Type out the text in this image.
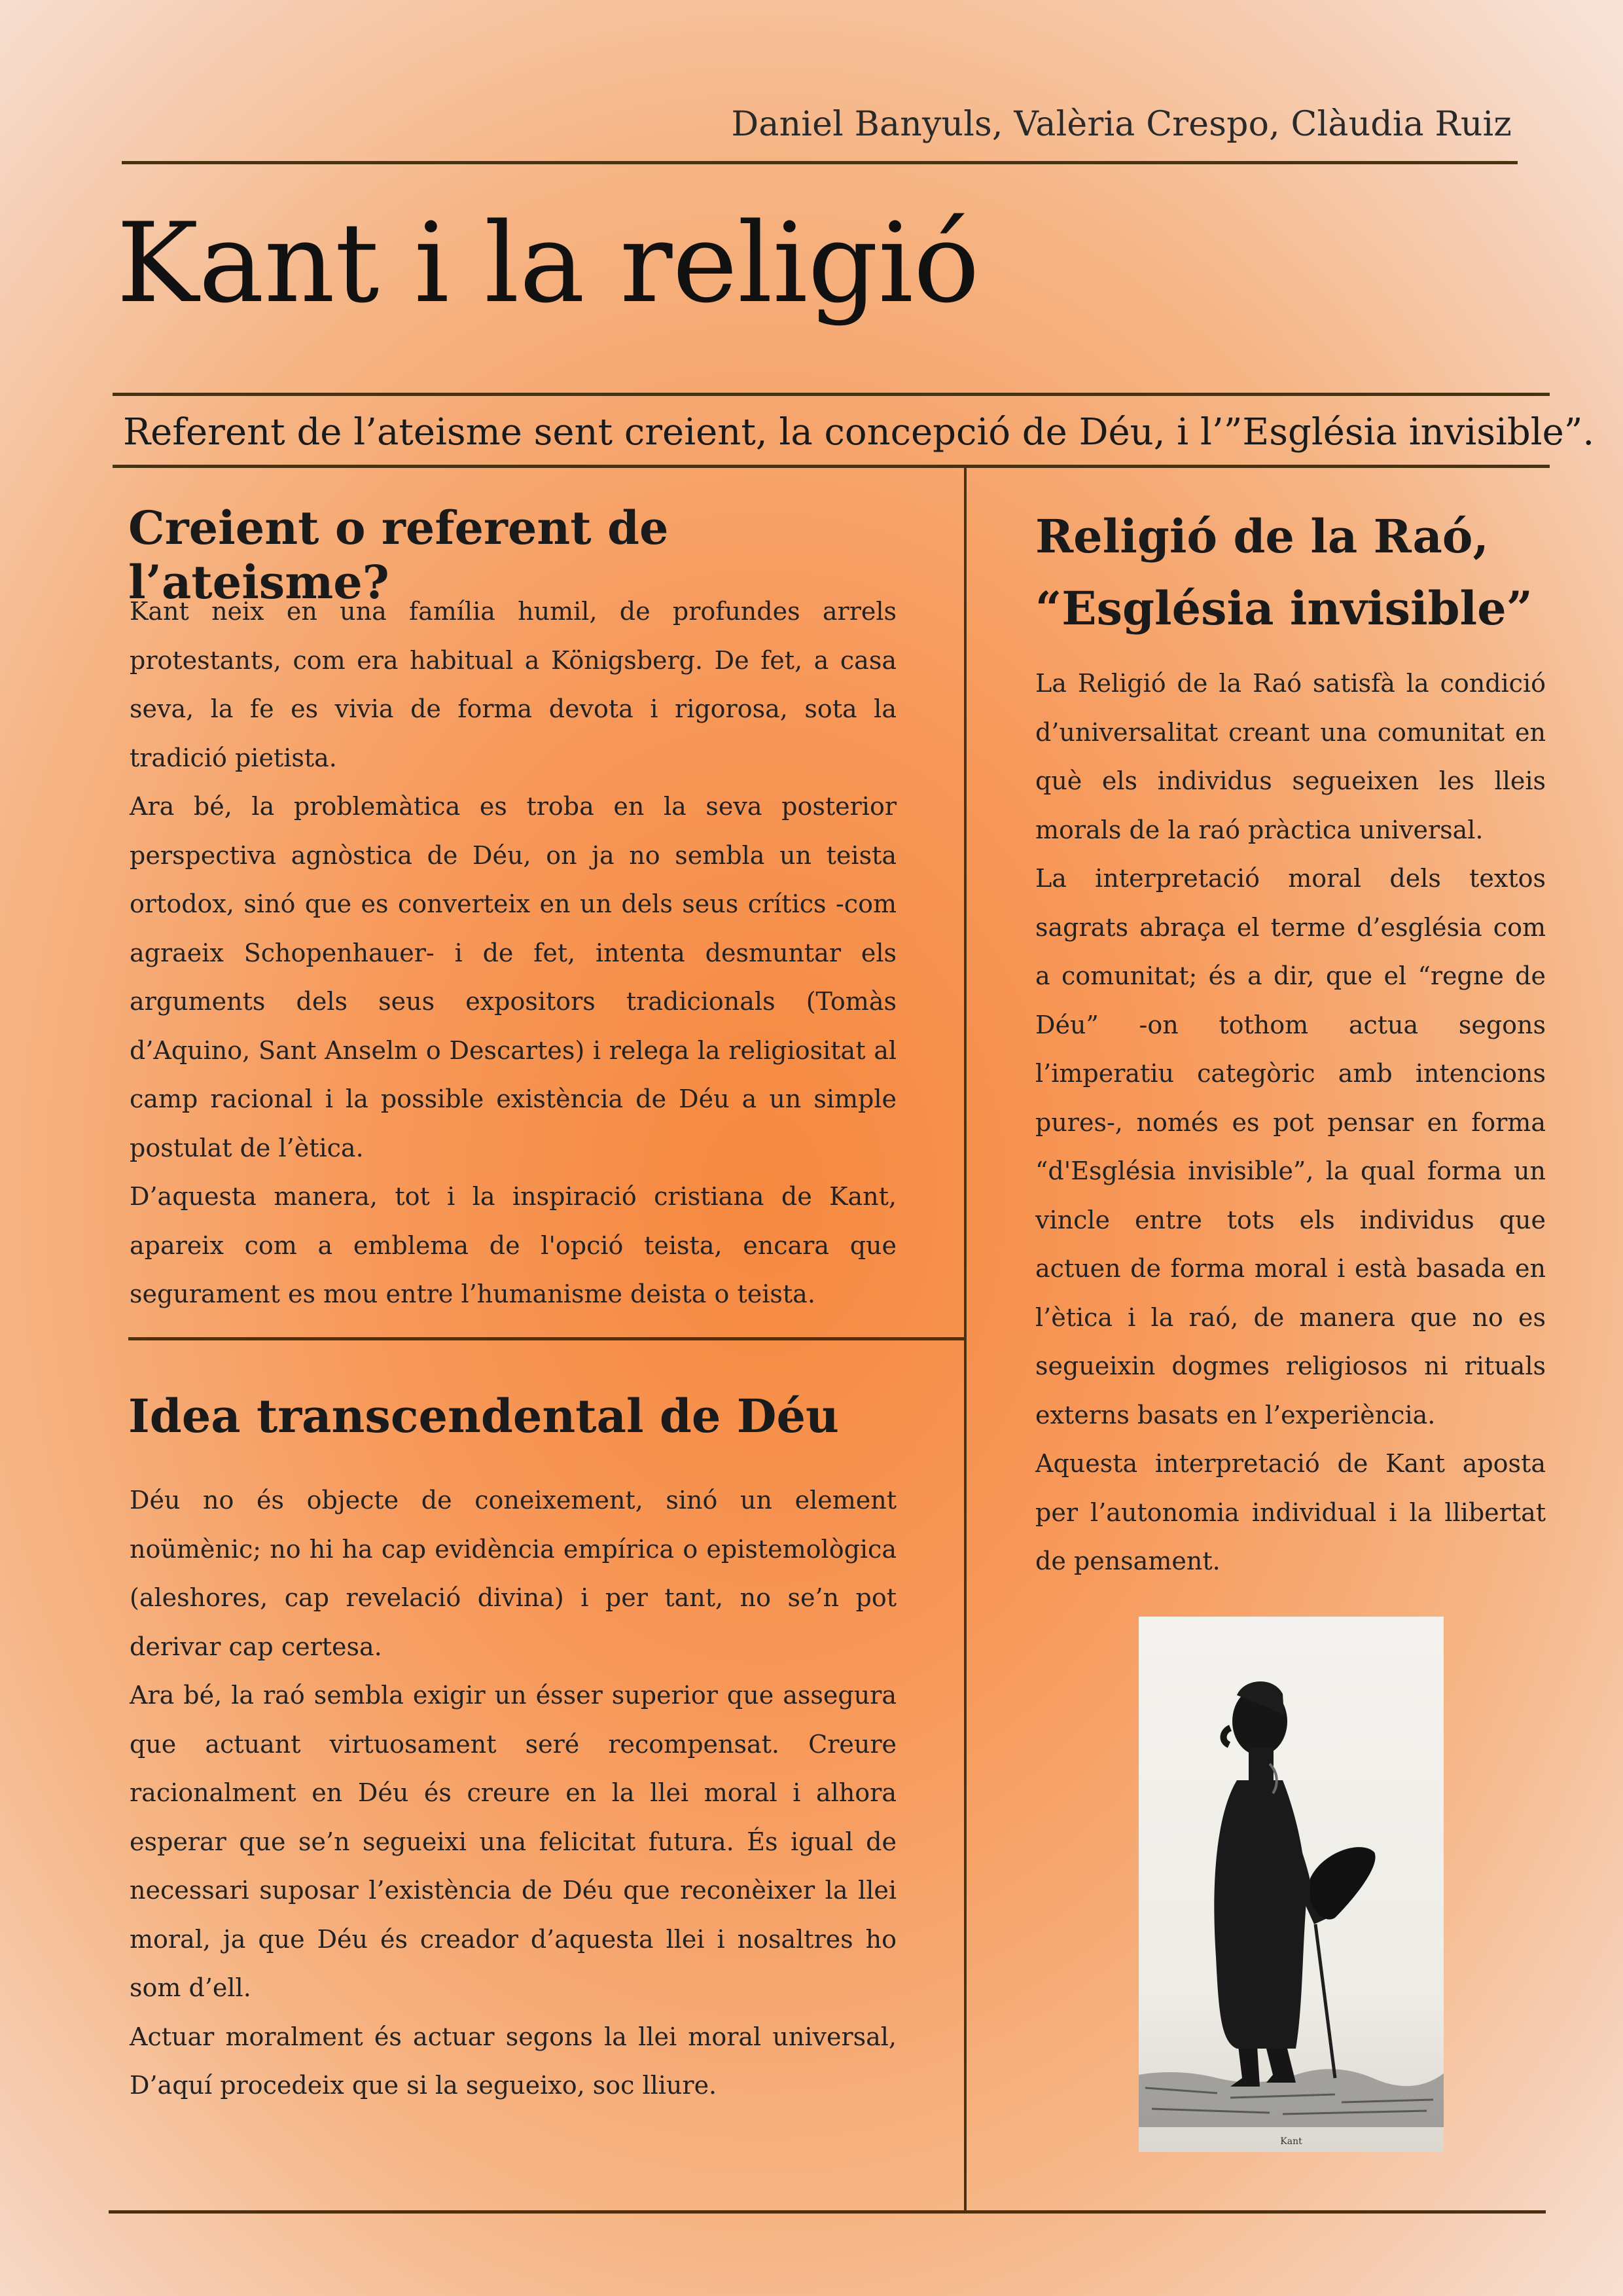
Daniel Banyuls, Valèria Crespo, Clàudia Ruiz
Kant i la religió
Referent de l’ateisme sent creient, la concepció de Déu, i l’”Església invisible”.
Creient o referent de l’ateisme?

Kant neix en una família humil, de profundes arrels protestants, com era habitual a Königsberg. De fet, a casa seva, la fe es vivia de forma devota i rigorosa, sota la tradició pietista.

Ara bé, la problemàtica es troba en la seva posterior perspectiva agnòstica de Déu, on ja no sembla un teista ortodox, sinó que es converteix en un dels seus crítics -com agraeix Schopenhauer- i de fet, intenta desmuntar els arguments dels seus expositors tradicionals (Tomàs d’Aquino, Sant Anselm o Descartes) i relega la religiositat al camp racional i la possible existència de Déu a un simple postulat de l’ètica.

D’aquesta manera, tot i la inspiració cristiana de Kant, apareix com a emblema de l'opció teista, encara que segurament es mou entre l’humanisme deista o teista.

Idea transcendental de Déu

Déu no és objecte de coneixement, sinó un element noümènic; no hi ha cap evidència empírica o epistemològica (aleshores, cap revelació divina) i per tant, no se’n pot derivar cap certesa.

Ara bé, la raó sembla exigir un ésser superior que assegura que actuant virtuosament seré recompensat. Creure racionalment en Déu és creure en la llei moral i alhora esperar que se’n segueixi una felicitat futura. És igual de necessari suposar l’existència de Déu que reconèixer la llei moral, ja que Déu és creador d’aquesta llei i nosaltres ho som d’ell.

Actuar moralment és actuar segons la llei moral universal, D’aquí procedeix que si la segueixo, soc lliure.

Religió de la Raó,
“Església invisible”

La Religió de la Raó satisfà la condició d’universalitat creant una comunitat en què els individus segueixen les lleis morals de la raó pràctica universal.

La interpretació moral dels textos sagrats abraça el terme d’església com a comunitat; és a dir, que el “regne de Déu” -on tothom actua segons l’imperatiu categòric amb intencions pures-, només es pot pensar en forma “d'Església invisible”, la qual forma un vincle entre tots els individus que actuen de forma moral i està basada en l’ètica i la raó, de manera que no es segueixin dogmes religiosos ni rituals externs basats en l’experiència.

Aquesta interpretació de Kant aposta per l’autonomia individual i la llibertat de pensament.

Kant
